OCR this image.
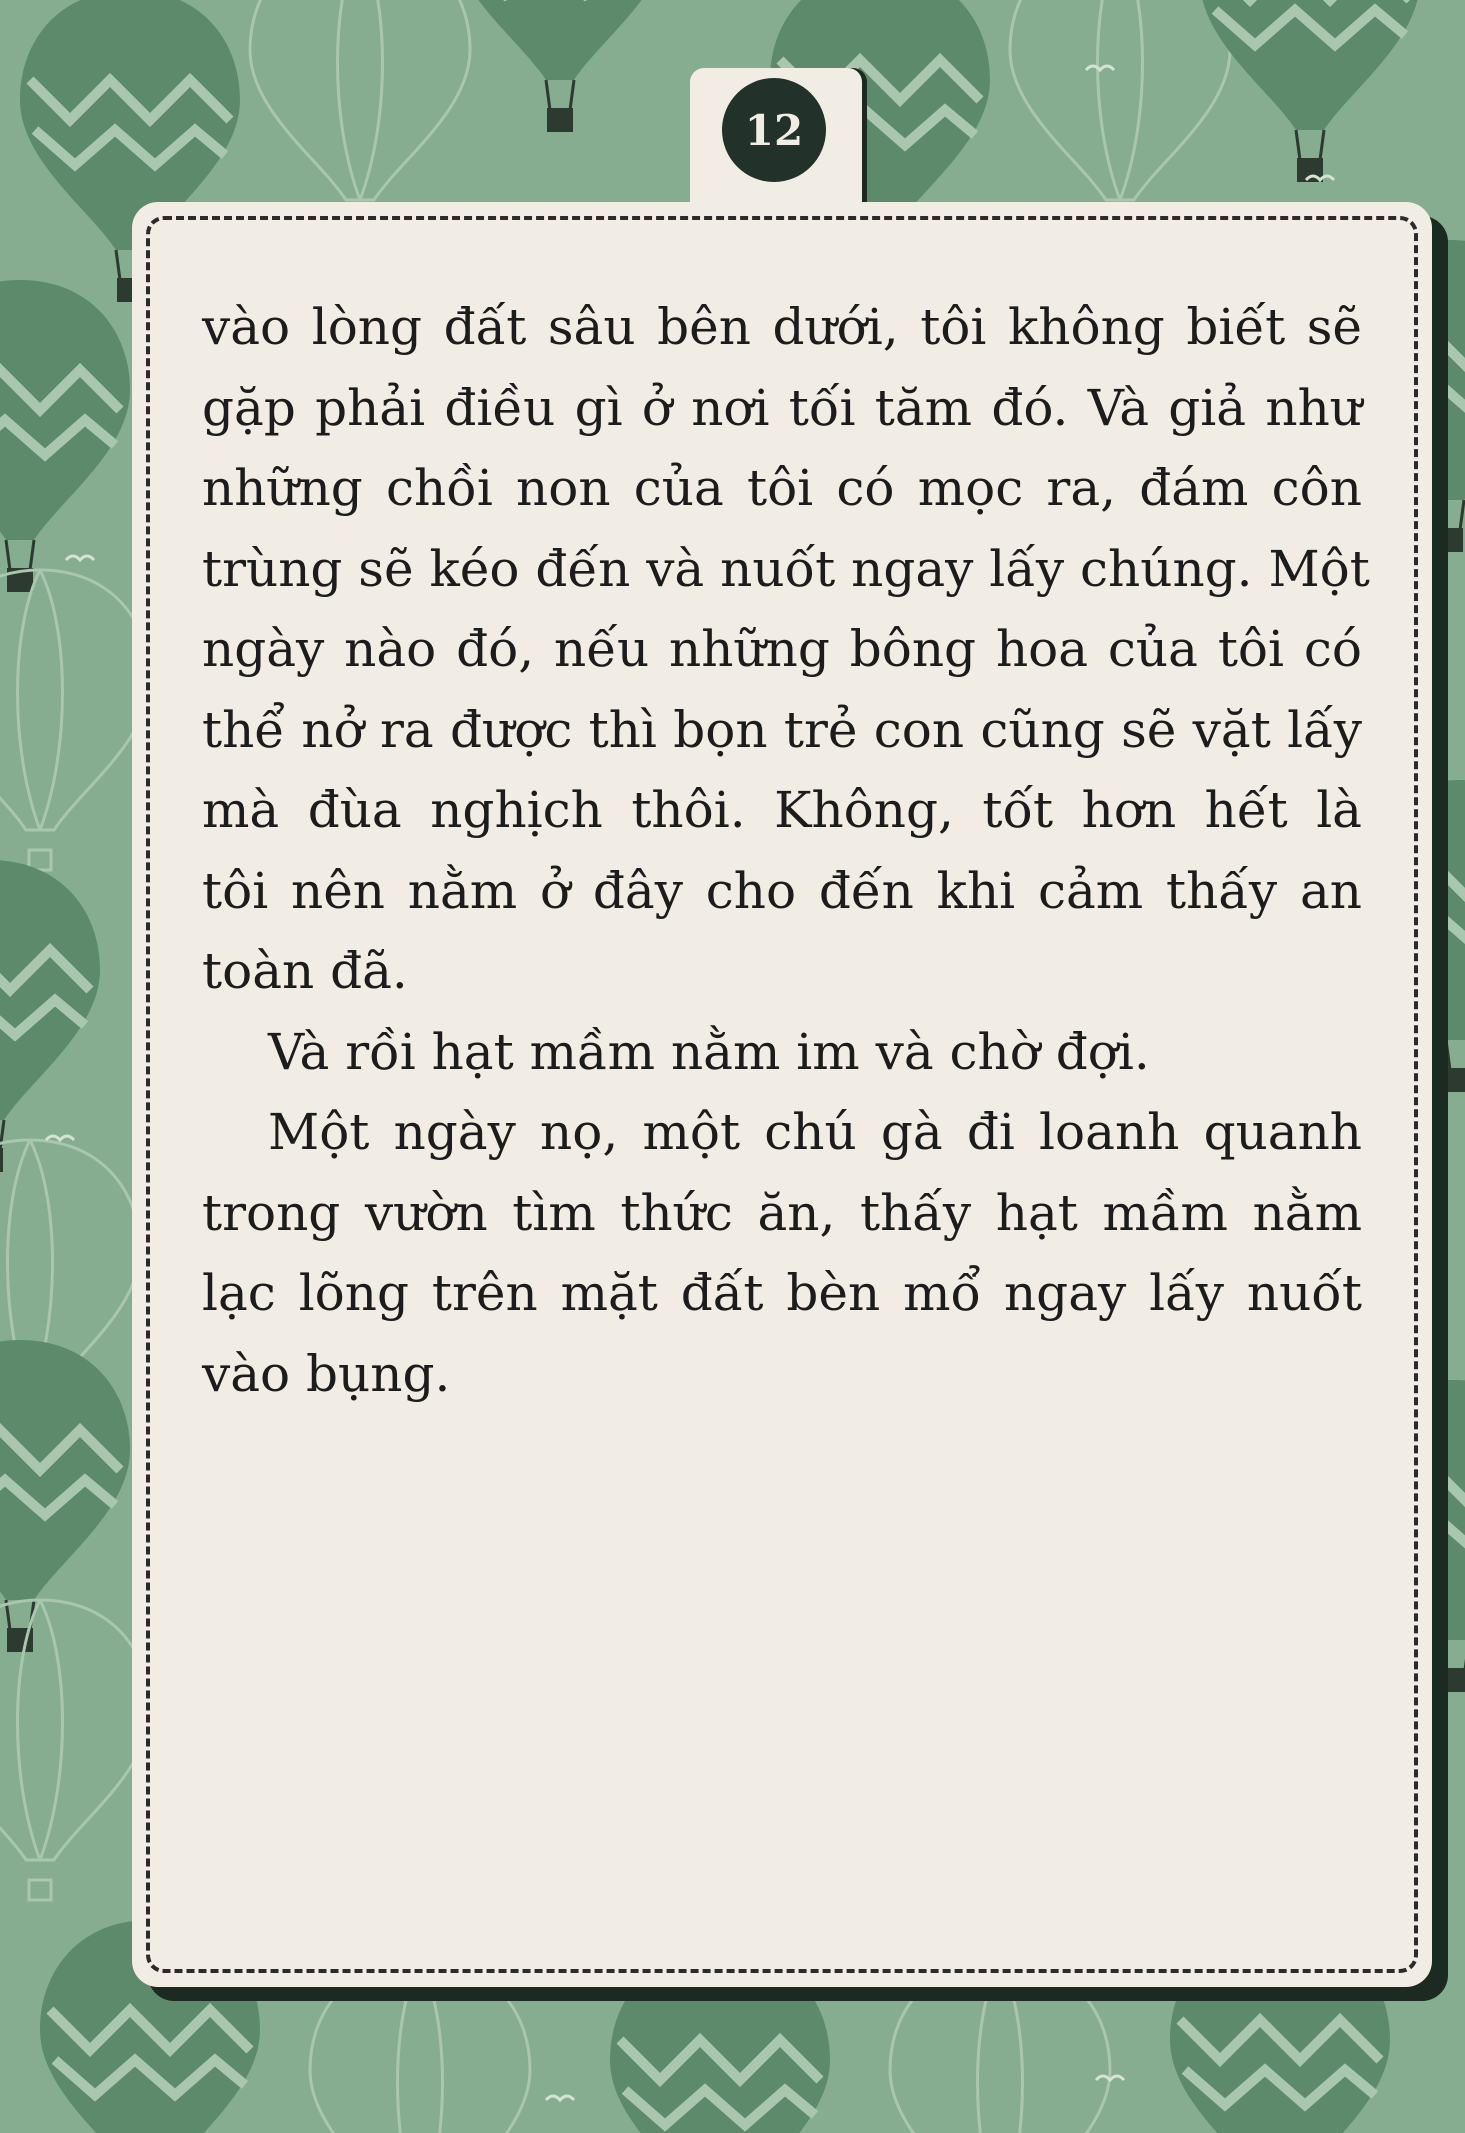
12
vào lòng đất sâu bên dưới, tôi không biết sẽ
gặp phải điều gì ở nơi tối tăm đó. Và giả như
những chồi non của tôi có mọc ra, đám côn
trùng sẽ kéo đến và nuốt ngay lấy chúng. Một
ngày nào đó, nếu những bông hoa của tôi có
thể nở ra được thì bọn trẻ con cũng sẽ vặt lấy
mà đùa nghịch thôi. Không, tốt hơn hết là
tôi nên nằm ở đây cho đến khi cảm thấy an
toàn đã.
Và rồi hạt mầm nằm im và chờ đợi.
Một ngày nọ, một chú gà đi loanh quanh
trong vườn tìm thức ăn, thấy hạt mầm nằm
lạc lõng trên mặt đất bèn mổ ngay lấy nuốt
vào bụng.
